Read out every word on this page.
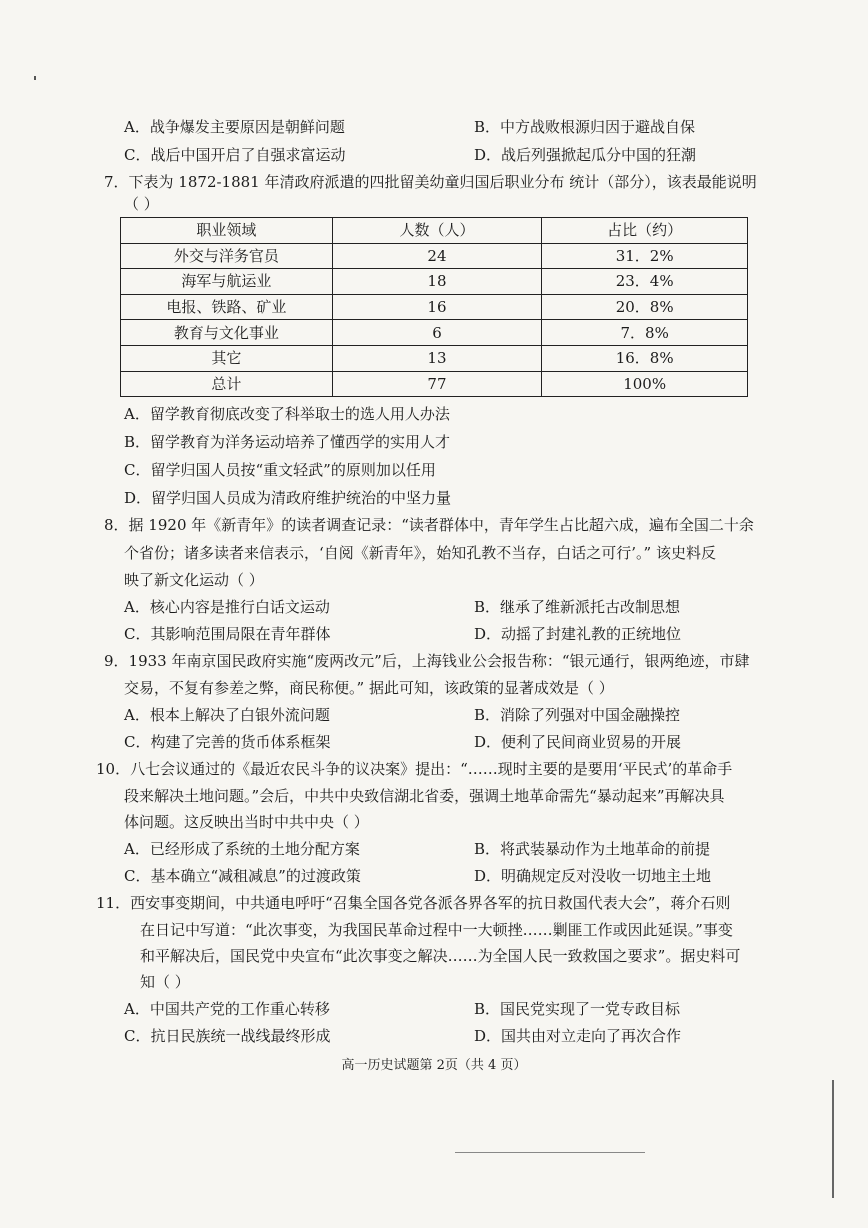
A．战争爆发主要原因是朝鲜问题	B．中方战败根源归因于避战自保
C．战后中国开启了自强求富运动	D．战后列强掀起瓜分中国的狂潮
7．下表为 1872-1881 年清政府派遣的四批留美幼童归国后职业分布 统计（部分），该表最能说明
（ ）
职业领域	人数（人）	占比（约）
外交与洋务官员	24	31．2%
海军与航运业	18	23．4%
电报、铁路、矿业	16	20．8%
教育与文化事业	6	7．8%
其它	13	16．8%
总计	77	100%
A．留学教育彻底改变了科举取士的选人用人办法
B．留学教育为洋务运动培养了懂西学的实用人才
C．留学归国人员按“重文轻武”的原则加以任用
D．留学归国人员成为清政府维护统治的中坚力量
8．据 1920 年《新青年》的读者调查记录：“读者群体中，青年学生占比超六成，遍布全国二十余
个省份；诸多读者来信表示，‘自阅《新青年》，始知孔教不当存，白话之可行’。” 该史料反
映了新文化运动（ ）
A．核心内容是推行白话文运动	B．继承了维新派托古改制思想
C．其影响范围局限在青年群体	D．动摇了封建礼教的正统地位
9．1933 年南京国民政府实施“废两改元”后，上海钱业公会报告称：“银元通行，银两绝迹，市肆
交易，不复有参差之弊，商民称便。” 据此可知，该政策的显著成效是（ ）
A．根本上解决了白银外流问题	B．消除了列强对中国金融操控
C．构建了完善的货币体系框架	D．便利了民间商业贸易的开展
10．八七会议通过的《最近农民斗争的议决案》提出：“……现时主要的是要用‘平民式’的革命手
段来解决土地问题。”会后，中共中央致信湖北省委，强调土地革命需先“暴动起来”再解决具
体问题。这反映出当时中共中央（ ）
A．已经形成了系统的土地分配方案	B．将武装暴动作为土地革命的前提
C．基本确立“减租减息”的过渡政策	D．明确规定反对没收一切地主土地
11．西安事变期间，中共通电呼吁“召集全国各党各派各界各军的抗日救国代表大会”，蒋介石则
在日记中写道：“此次事变，为我国民革命过程中一大顿挫……剿匪工作或因此延误。”事变
和平解决后，国民党中央宣布“此次事变之解决……为全国人民一致救国之要求”。据史料可
知（ ）
A．中国共产党的工作重心转移	B．国民党实现了一党专政目标
C．抗日民族统一战线最终形成	D．国共由对立走向了再次合作
高一历史试题第 2页（共 4 页）
